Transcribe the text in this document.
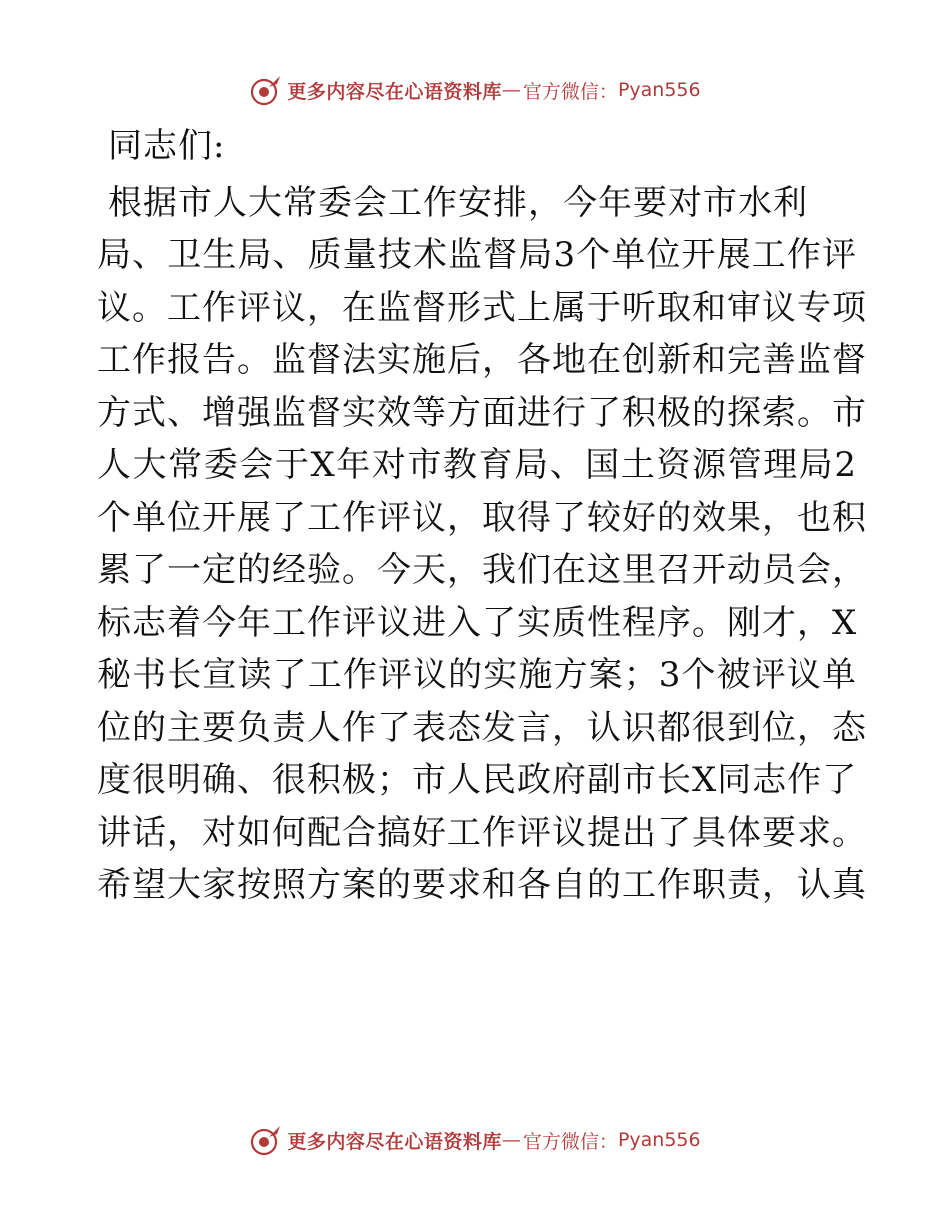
更多内容尽在心语资料库 — 官方微信： Pyan556
同志们:
根据市人大常委会工作安排，今年要对市水利
局、卫生局、质量技术监督局3个单位开展工作评
议。工作评议，在监督形式上属于听取和审议专项
工作报告。监督法实施后，各地在创新和完善监督
方式、增强监督实效等方面进行了积极的探索。市
人大常委会于X年对市教育局、国土资源管理局2
个单位开展了工作评议，取得了较好的效果，也积
累了一定的经验。今天，我们在这里召开动员会，
标志着今年工作评议进入了实质性程序。刚才，X
秘书长宣读了工作评议的实施方案；3个被评议单
位的主要负责人作了表态发言，认识都很到位，态
度很明确、很积极；市人民政府副市长X同志作了
讲话，对如何配合搞好工作评议提出了具体要求。
希望大家按照方案的要求和各自的工作职责，认真
更多内容尽在心语资料库 — 官方微信： Pyan556
